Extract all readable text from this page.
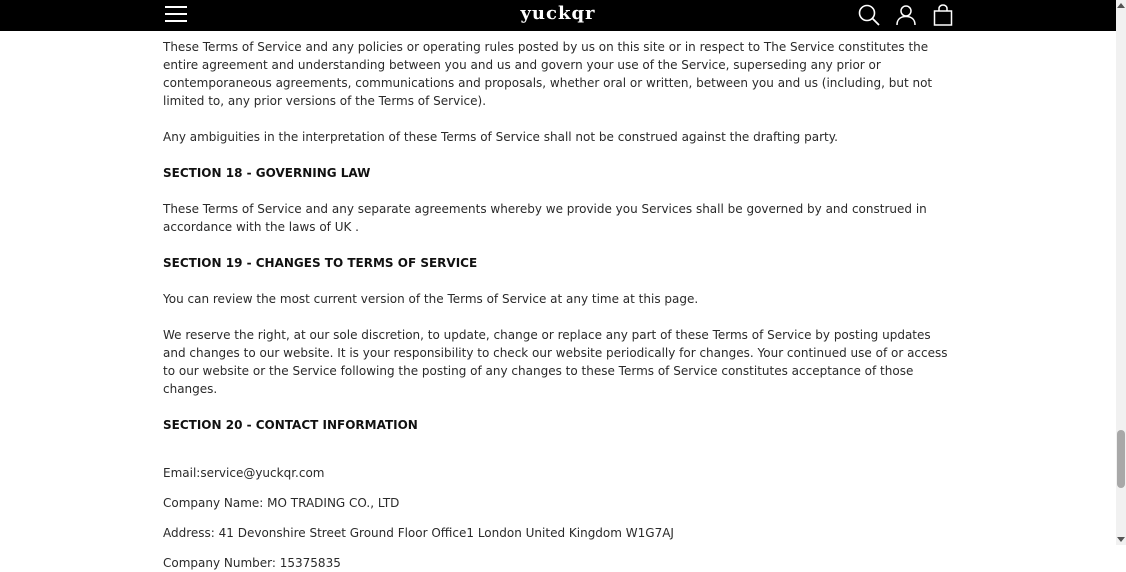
yuckqr

These Terms of Service and any policies or operating rules posted by us on this site or in respect to The Service constitutes the entire agreement and understanding between you and us and govern your use of the Service, superseding any prior or contemporaneous agreements, communications and proposals, whether oral or written, between you and us (including, but not limited to, any prior versions of the Terms of Service).

Any ambiguities in the interpretation of these Terms of Service shall not be construed against the drafting party.

SECTION 18 - GOVERNING LAW

These Terms of Service and any separate agreements whereby we provide you Services shall be governed by and construed in accordance with the laws of UK .

SECTION 19 - CHANGES TO TERMS OF SERVICE

You can review the most current version of the Terms of Service at any time at this page.

We reserve the right, at our sole discretion, to update, change or replace any part of these Terms of Service by posting updates and changes to our website. It is your responsibility to check our website periodically for changes. Your continued use of or access to our website or the Service following the posting of any changes to these Terms of Service constitutes acceptance of those changes.

SECTION 20 - CONTACT INFORMATION

Email:service@yuckqr.com

Company Name: MO TRADING CO., LTD

Address: 41 Devonshire Street Ground Floor Office1 London United Kingdom W1G7AJ

Company Number: 15375835
